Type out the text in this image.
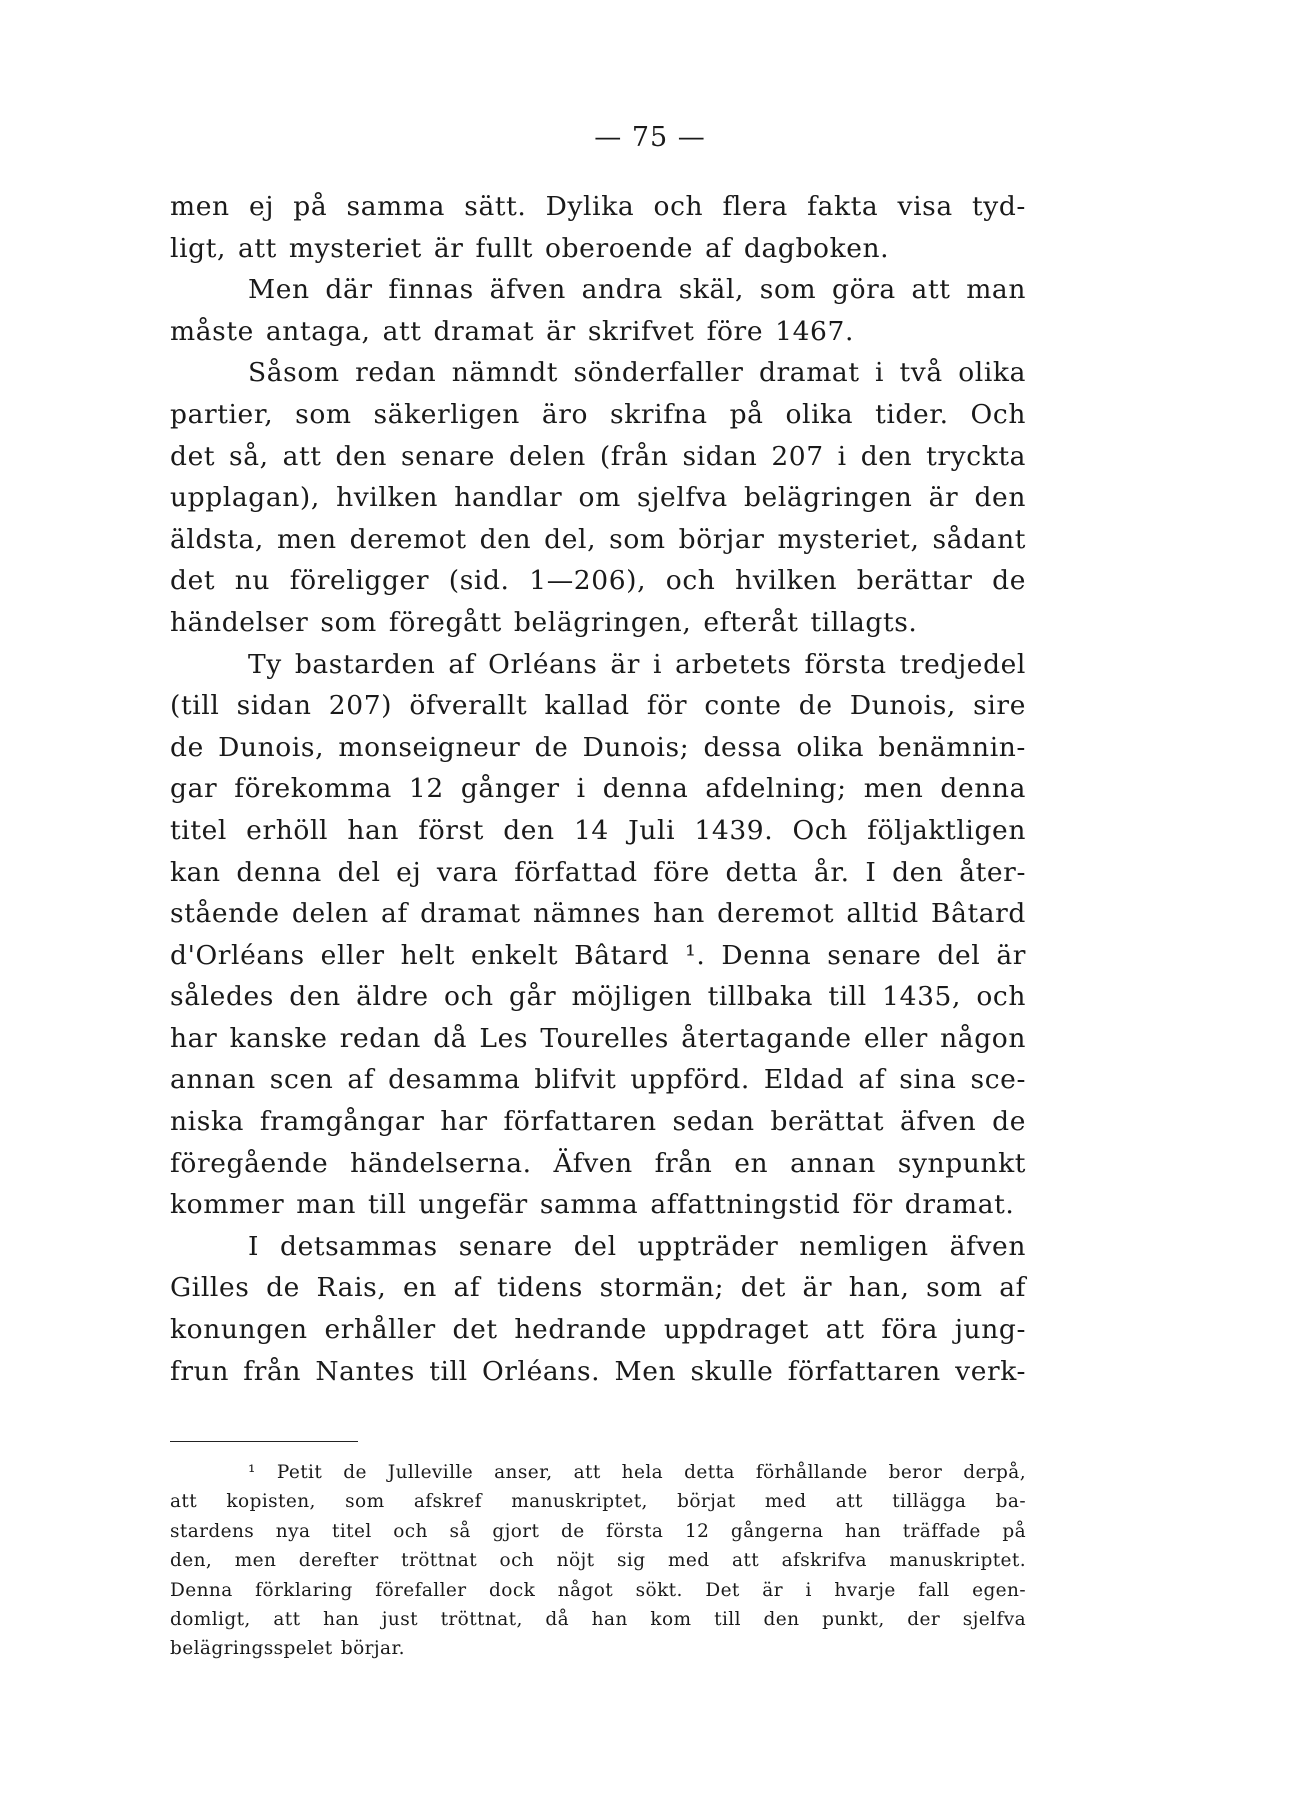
— 75 —
men ej på samma sätt. Dylika och flera fakta visa tyd-
ligt, att mysteriet är fullt oberoende af dagboken.
Men där finnas äfven andra skäl, som göra att man
måste antaga, att dramat är skrifvet före 1467.
Såsom redan nämndt sönderfaller dramat i två olika
partier, som säkerligen äro skrifna på olika tider. Och
det så, att den senare delen (från sidan 207 i den tryckta
upplagan), hvilken handlar om sjelfva belägringen är den
äldsta, men deremot den del, som börjar mysteriet, sådant
det nu föreligger (sid. 1—206), och hvilken berättar de
händelser som föregått belägringen, efteråt tillagts.
Ty bastarden af Orléans är i arbetets första tredjedel
(till sidan 207) öfverallt kallad för conte de Dunois, sire
de Dunois, monseigneur de Dunois; dessa olika benämnin-
gar förekomma 12 gånger i denna afdelning; men denna
titel erhöll han först den 14 Juli 1439. Och följaktligen
kan denna del ej vara författad före detta år. I den åter-
stående delen af dramat nämnes han deremot alltid Bâtard
d'Orléans eller helt enkelt Bâtard ¹. Denna senare del är
således den äldre och går möjligen tillbaka till 1435, och
har kanske redan då Les Tourelles återtagande eller någon
annan scen af desamma blifvit uppförd. Eldad af sina sce-
niska framgångar har författaren sedan berättat äfven de
föregående händelserna. Äfven från en annan synpunkt
kommer man till ungefär samma affattningstid för dramat.
I detsammas senare del uppträder nemligen äfven
Gilles de Rais, en af tidens stormän; det är han, som af
konungen erhåller det hedrande uppdraget att föra jung-
frun från Nantes till Orléans. Men skulle författaren verk-
¹ Petit de Julleville anser, att hela detta förhållande beror derpå,
att kopisten, som afskref manuskriptet, börjat med att tillägga ba-
stardens nya titel och så gjort de första 12 gångerna han träffade på
den, men derefter tröttnat och nöjt sig med att afskrifva manuskriptet.
Denna förklaring förefaller dock något sökt. Det är i hvarje fall egen-
domligt, att han just tröttnat, då han kom till den punkt, der sjelfva
belägringsspelet börjar.
